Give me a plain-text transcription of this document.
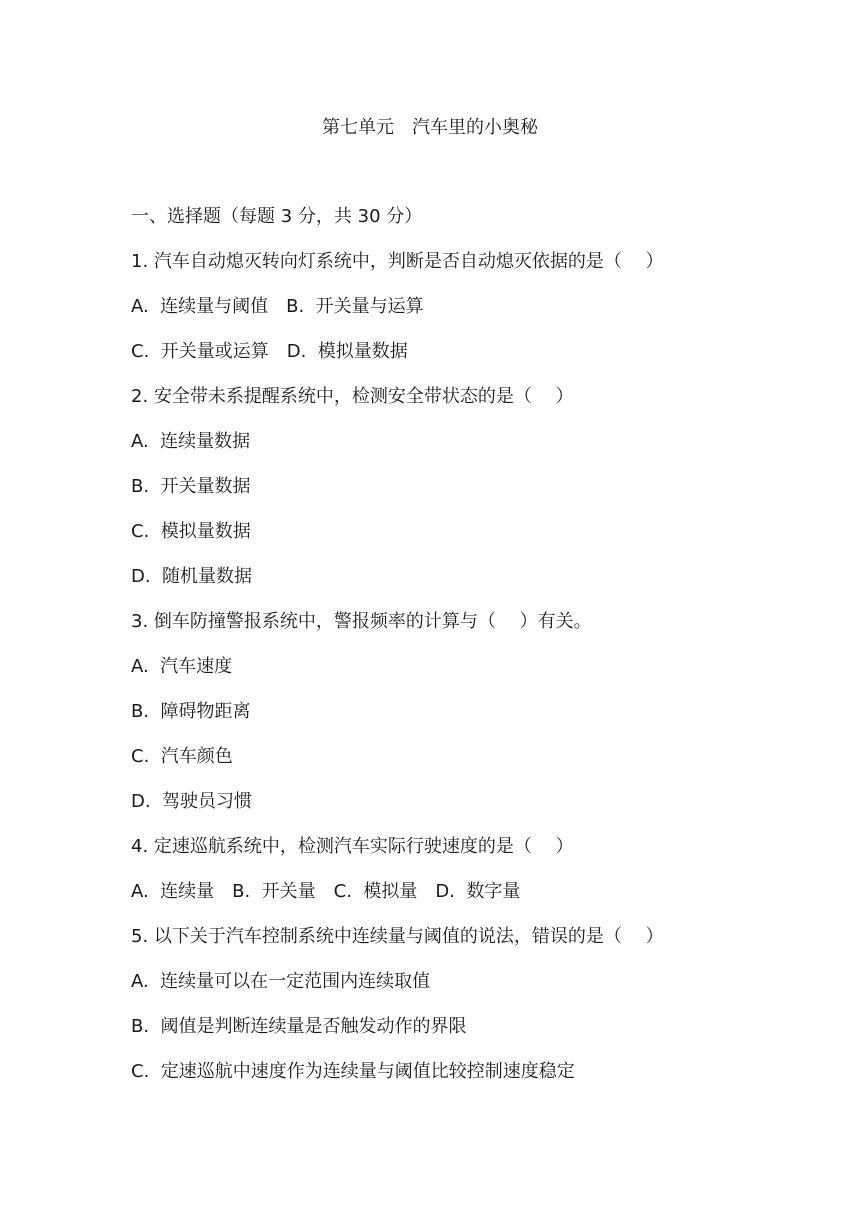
第七单元　汽车里的小奥秘
一、选择题（每题 3 分，共 30 分）
1. 汽车自动熄灭转向灯系统中，判断是否自动熄灭依据的是（　 ）
A.  连续量与阈值　B.  开关量与运算
C.  开关量或运算　D.  模拟量数据
2. 安全带未系提醒系统中，检测安全带状态的是（　 ）
A.  连续量数据
B.  开关量数据
C.  模拟量数据
D.  随机量数据
3. 倒车防撞警报系统中，警报频率的计算与（　 ）有关。
A.  汽车速度
B.  障碍物距离
C.  汽车颜色
D.  驾驶员习惯
4. 定速巡航系统中，检测汽车实际行驶速度的是（　 ）
A.  连续量　B.  开关量　C.  模拟量　D.  数字量
5. 以下关于汽车控制系统中连续量与阈值的说法，错误的是（　 ）
A.  连续量可以在一定范围内连续取值
B.  阈值是判断连续量是否触发动作的界限
C.  定速巡航中速度作为连续量与阈值比较控制速度稳定
